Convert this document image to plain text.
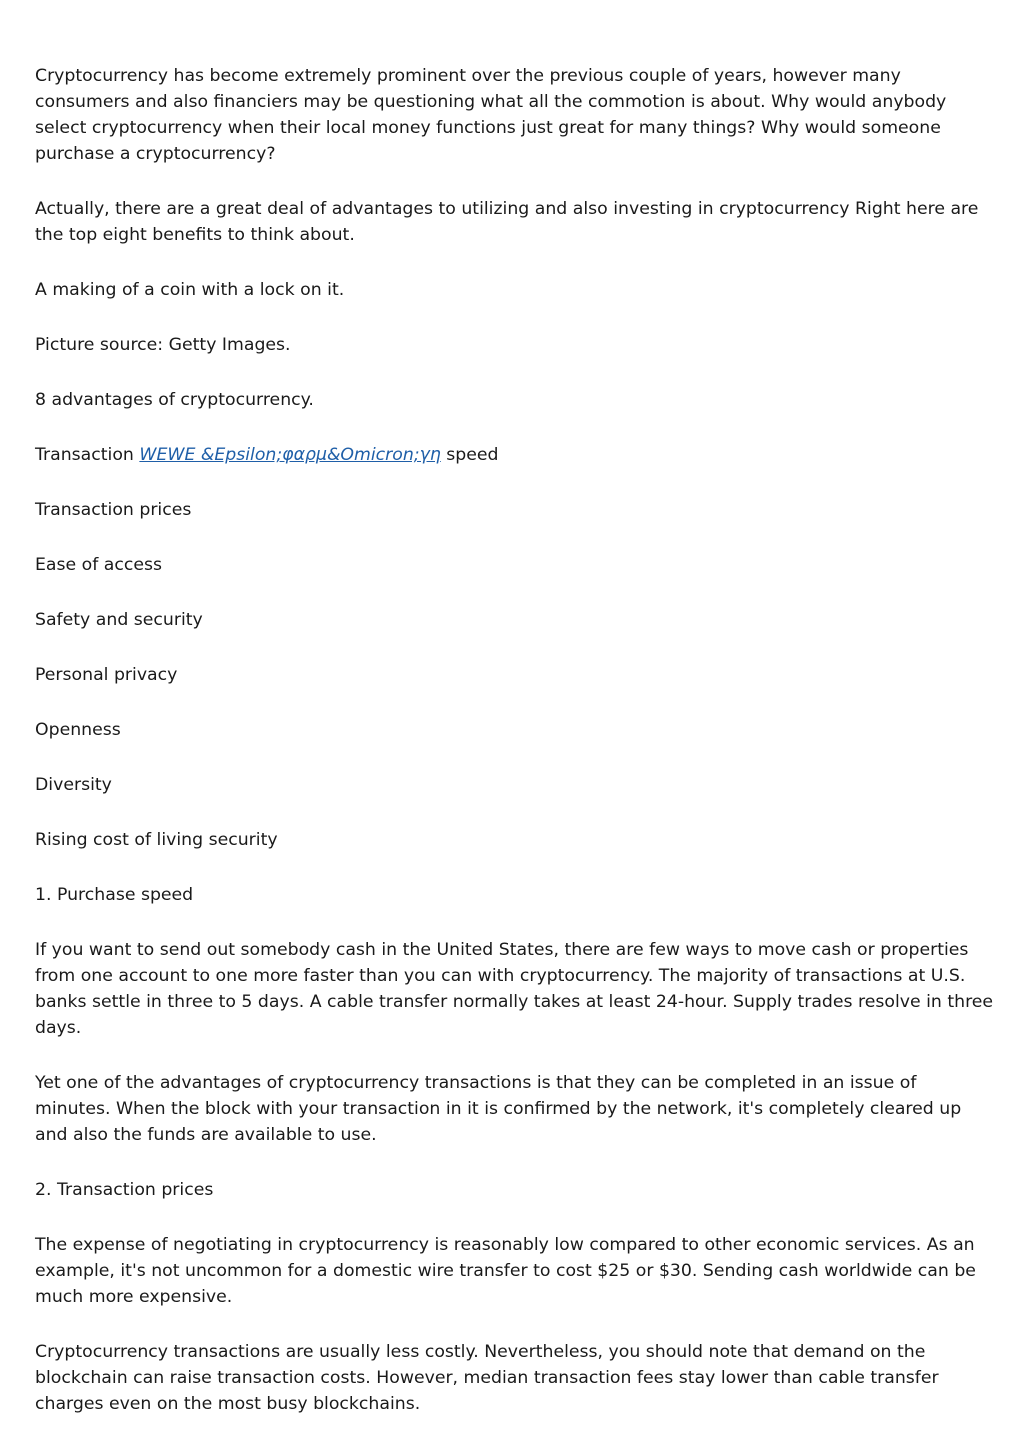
Cryptocurrency has become extremely prominent over the previous couple of years, however many consumers and also financiers may be questioning what all the commotion is about. Why would anybody select cryptocurrency when their local money functions just great for many things? Why would someone purchase a cryptocurrency?

Actually, there are a great deal of advantages to utilizing and also investing in cryptocurrency Right here are the top eight benefits to think about.

A making of a coin with a lock on it.

Picture source: Getty Images.

8 advantages of cryptocurrency.

Transaction WEWE &Epsilon;φαρμ&Omicron;γη speed

Transaction prices

Ease of access

Safety and security

Personal privacy

Openness

Diversity

Rising cost of living security

1. Purchase speed

If you want to send out somebody cash in the United States, there are few ways to move cash or properties from one account to one more faster than you can with cryptocurrency. The majority of transactions at U.S. banks settle in three to 5 days. A cable transfer normally takes at least 24-hour. Supply trades resolve in three days.

Yet one of the advantages of cryptocurrency transactions is that they can be completed in an issue of minutes. When the block with your transaction in it is confirmed by the network, it's completely cleared up and also the funds are available to use.

2. Transaction prices

The expense of negotiating in cryptocurrency is reasonably low compared to other economic services. As an example, it's not uncommon for a domestic wire transfer to cost $25 or $30. Sending cash worldwide can be much more expensive.

Cryptocurrency transactions are usually less costly. Nevertheless, you should note that demand on the blockchain can raise transaction costs. However, median transaction fees stay lower than cable transfer charges even on the most busy blockchains.
